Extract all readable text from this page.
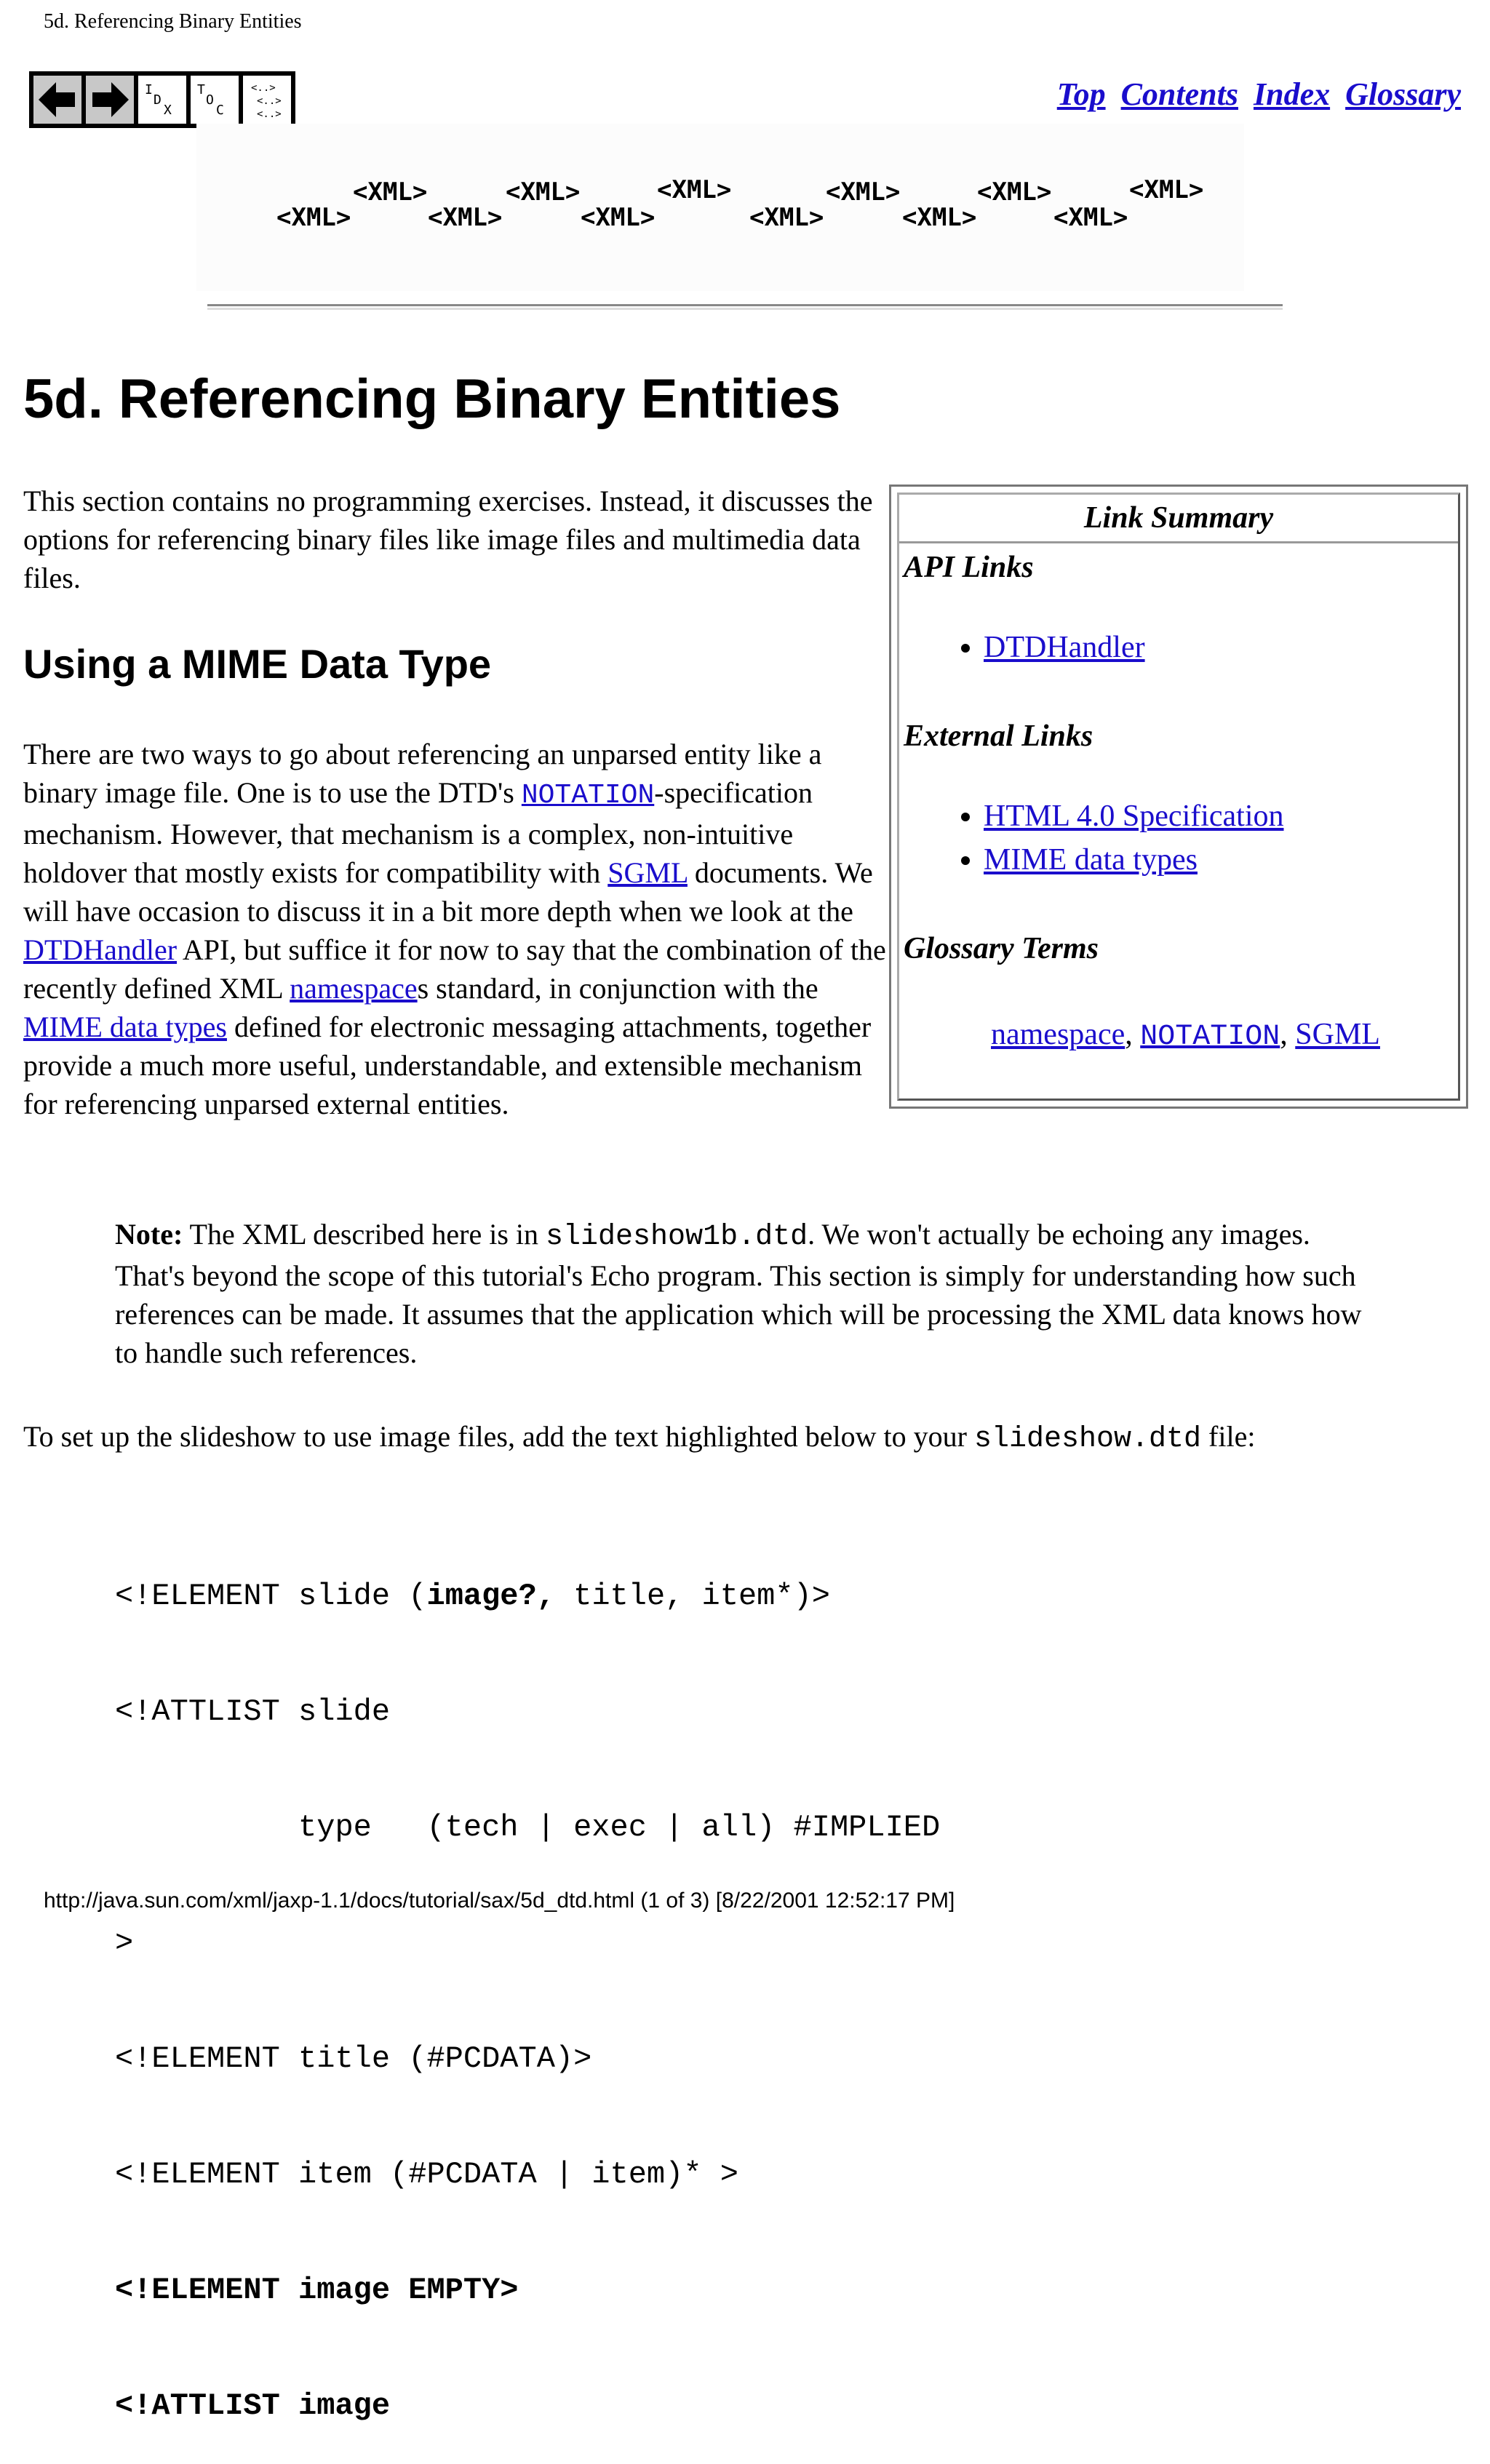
5d. Referencing Binary Entities
I
D
X
T
O
C
<..>
<..>
<..>
Top Contents Index Glossary
<XML>
<XML>
<XML>
<XML>
<XML>
<XML>
<XML>
<XML>
<XML>
<XML>
<XML>
<XML>
5d. Referencing Binary Entities

This section contains no programming exercises. Instead, it discusses the options for referencing binary files like image files and multimedia data files.

Using a MIME Data Type

There are two ways to go about referencing an unparsed entity like a binary image file. One is to use the DTD's NOTATION-specification mechanism. However, that mechanism is a complex, non-intuitive holdover that mostly exists for compatibility with SGML documents. We will have occasion to discuss it in a bit more depth when we look at the DTDHandler API, but suffice it for now to say that the combination of the recently defined XML namespaces standard, in conjunction with the MIME data types defined for electronic messaging attachments, together provide a much more useful, understandable, and extensible mechanism for referencing unparsed external entities.

Link Summary
API Links
• DTDHandler
External Links
• HTML 4.0 Specification
• MIME data types
Glossary Terms
namespace, NOTATION, SGML

Note: The XML described here is in slideshow1b.dtd. We won't actually be echoing any images. That's beyond the scope of this tutorial's Echo program. This section is simply for understanding how such references can be made. It assumes that the application which will be processing the XML data knows how to handle such references.

To set up the slideshow to use image files, add the text highlighted below to your slideshow.dtd file:

<!ELEMENT slide (image?, title, item*)>

<!ATTLIST slide

type   (tech | exec | all) #IMPLIED

>

<!ELEMENT title (#PCDATA)>

<!ELEMENT item (#PCDATA | item)* >

<!ELEMENT image EMPTY>

<!ATTLIST image

http://java.sun.com/xml/jaxp-1.1/docs/tutorial/sax/5d_dtd.html (1 of 3) [8/22/2001 12:52:17 PM]
